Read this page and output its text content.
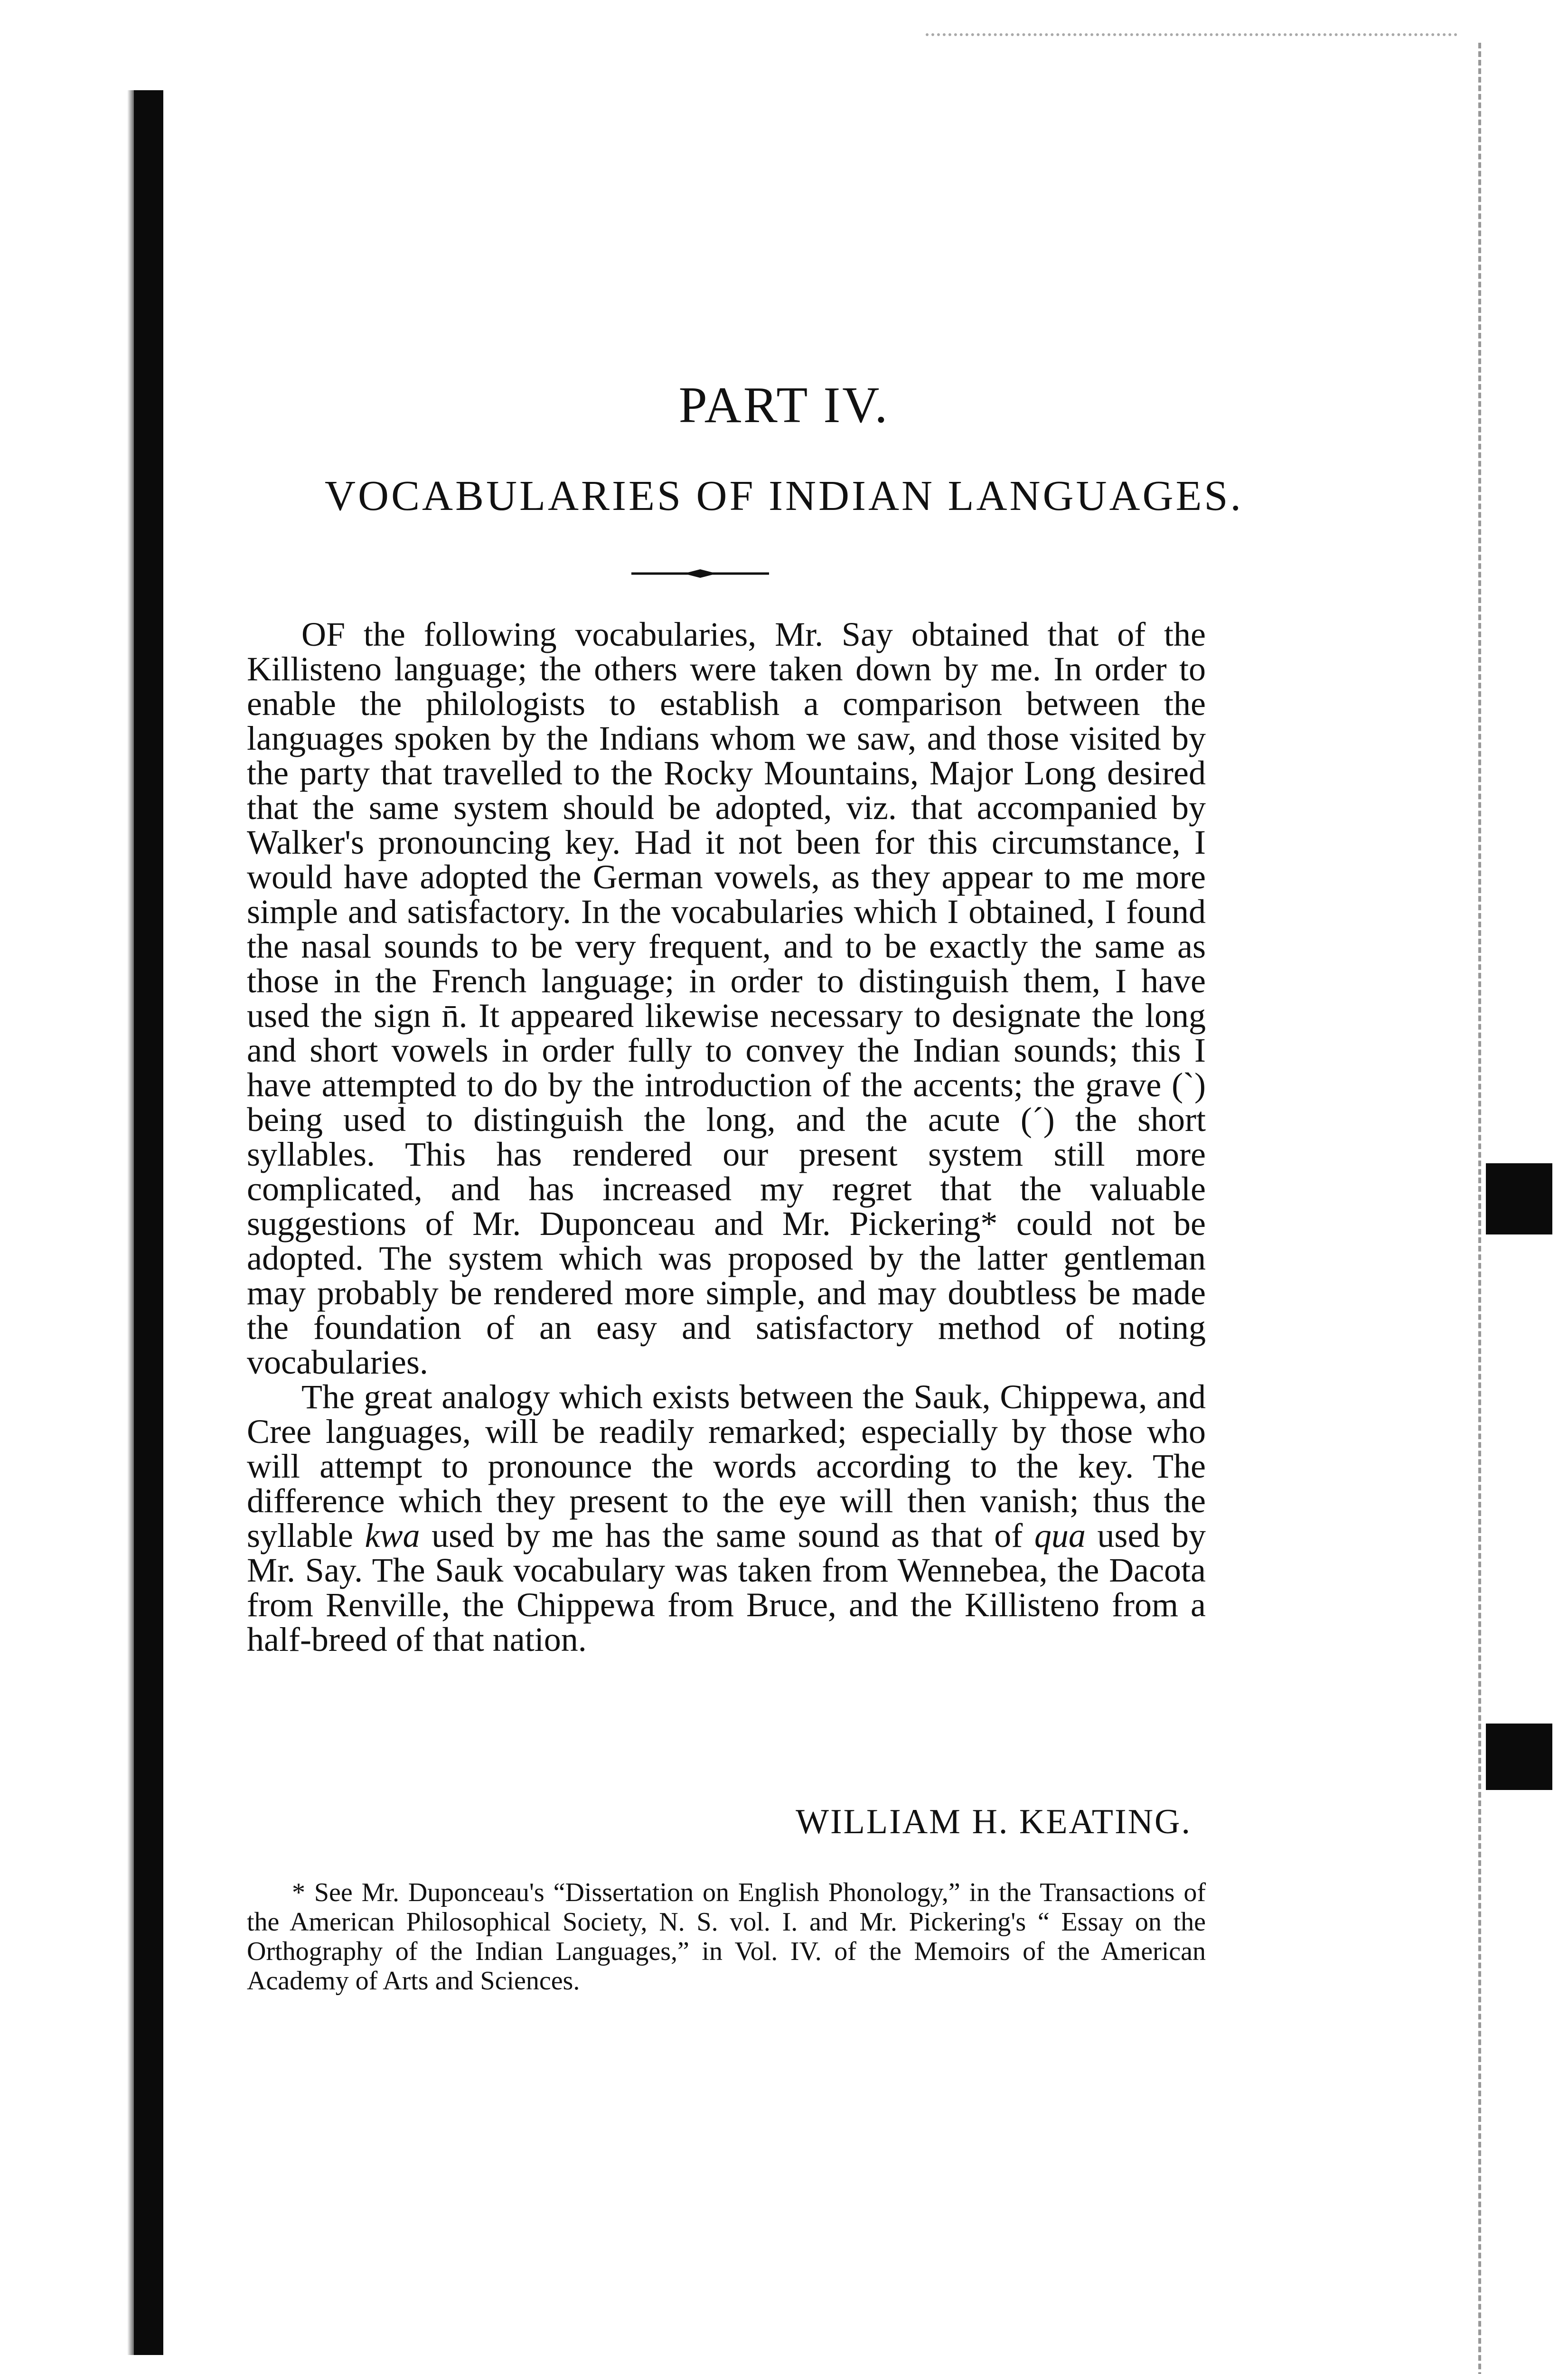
PART IV.
VOCABULARIES OF INDIAN LANGUAGES.

OF the following vocabularies, Mr. Say obtained that of the Killisteno language; the others were taken down by me. In order to enable the philologists to establish a comparison between the languages spoken by the Indians whom we saw, and those visited by the party that travelled to the Rocky Mountains, Major Long desired that the same system should be adopted, viz. that accompanied by Walker's pronouncing key. Had it not been for this circumstance, I would have adopted the German vowels, as they appear to me more simple and satisfactory. In the vocabularies which I obtained, I found the nasal sounds to be very frequent, and to be exactly the same as those in the French language; in order to distinguish them, I have used the sign n̄. It appeared likewise necessary to designate the long and short vowels in order fully to convey the Indian sounds; this I have attempted to do by the introduction of the accents; the grave (`) being used to distinguish the long, and the acute (´) the short syllables. This has rendered our present system still more complicated, and has increased my regret that the valuable suggestions of Mr. Duponceau and Mr. Pickering* could not be adopted. The system which was proposed by the latter gentleman may probably be rendered more simple, and may doubtless be made the foundation of an easy and satisfactory method of noting vocabularies.

The great analogy which exists between the Sauk, Chippewa, and Cree languages, will be readily remarked; especially by those who will attempt to pronounce the words according to the key. The difference which they present to the eye will then vanish; thus the syllable kwa used by me has the same sound as that of qua used by Mr. Say. The Sauk vocabulary was taken from Wennebea, the Dacota from Renville, the Chippewa from Bruce, and the Killisteno from a half-breed of that nation.

WILLIAM H. KEATING.

* See Mr. Duponceau's “Dissertation on English Phonology,” in the Transactions of the American Philosophical Society, N. S. vol. I. and Mr. Pickering's “ Essay on the Orthography of the Indian Languages,” in Vol. IV. of the Memoirs of the American Academy of Arts and Sciences.
